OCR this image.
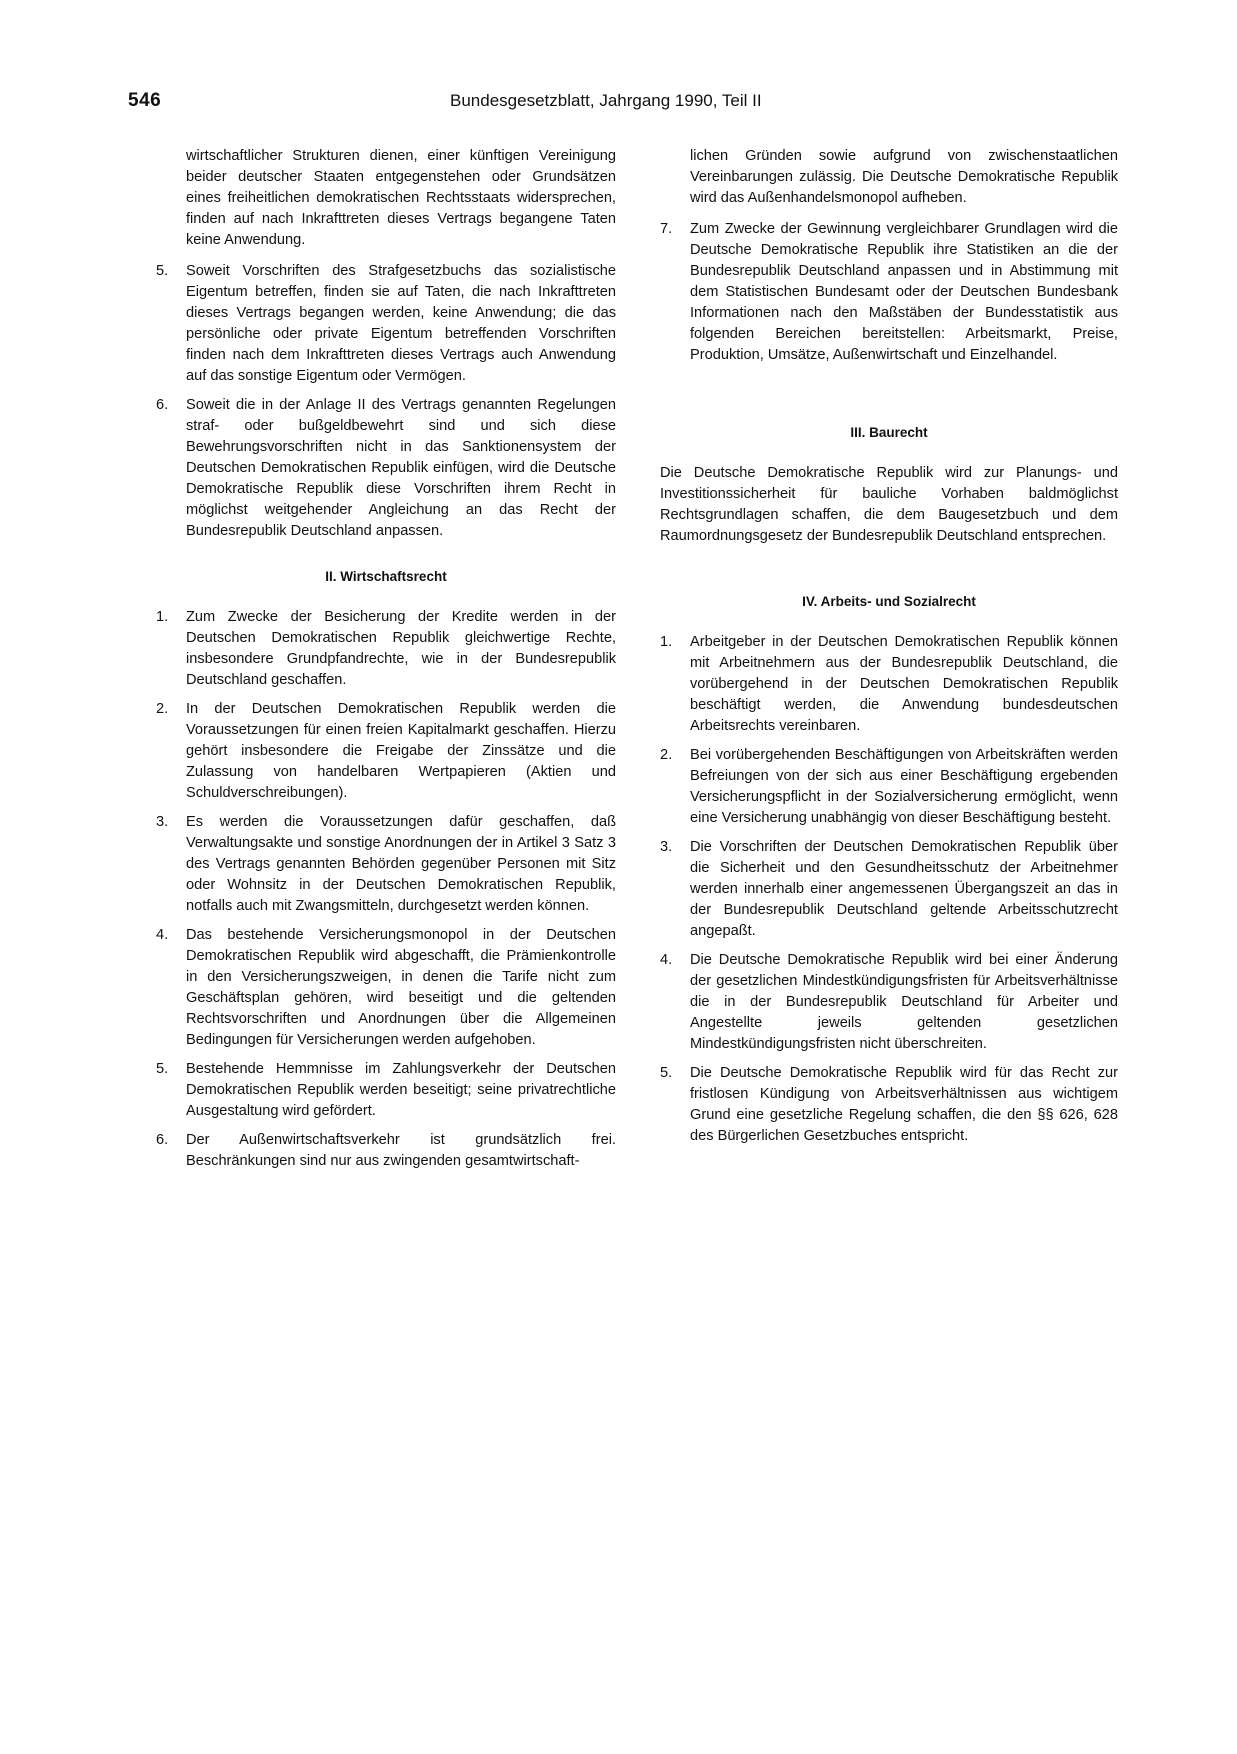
546	Bundesgesetzblatt, Jahrgang 1990, Teil II

wirtschaftlicher Strukturen dienen, einer künftigen Vereinigung beider deutscher Staaten entgegenstehen oder Grundsätzen eines freiheitlichen demokratischen Rechtsstaats widersprechen, finden auf nach Inkrafttreten dieses Vertrags begangene Taten keine Anwendung.

5. Soweit Vorschriften des Strafgesetzbuchs das sozialistische Eigentum betreffen, finden sie auf Taten, die nach Inkrafttreten dieses Vertrags begangen werden, keine Anwendung; die das persönliche oder private Eigentum betreffenden Vorschriften finden nach dem Inkrafttreten dieses Vertrags auch Anwendung auf das sonstige Eigentum oder Vermögen.
6. Soweit die in der Anlage II des Vertrags genannten Regelungen straf- oder bußgeldbewehrt sind und sich diese Bewehrungsvorschriften nicht in das Sanktionensystem der Deutschen Demokratischen Republik einfügen, wird die Deutsche Demokratische Republik diese Vorschriften ihrem Recht in möglichst weitgehender Angleichung an das Recht der Bundesrepublik Deutschland anpassen.
II. Wirtschaftsrecht
1. Zum Zwecke der Besicherung der Kredite werden in der Deutschen Demokratischen Republik gleichwertige Rechte, insbesondere Grundpfandrechte, wie in der Bundesrepublik Deutschland geschaffen.
2. In der Deutschen Demokratischen Republik werden die Voraussetzungen für einen freien Kapitalmarkt geschaffen. Hierzu gehört insbesondere die Freigabe der Zinssätze und die Zulassung von handelbaren Wertpapieren (Aktien und Schuldverschreibungen).
3. Es werden die Voraussetzungen dafür geschaffen, daß Verwaltungsakte und sonstige Anordnungen der in Artikel 3 Satz 3 des Vertrags genannten Behörden gegenüber Personen mit Sitz oder Wohnsitz in der Deutschen Demokratischen Republik, notfalls auch mit Zwangsmitteln, durchgesetzt werden können.
4. Das bestehende Versicherungsmonopol in der Deutschen Demokratischen Republik wird abgeschafft, die Prämienkontrolle in den Versicherungszweigen, in denen die Tarife nicht zum Geschäftsplan gehören, wird beseitigt und die geltenden Rechtsvorschriften und Anordnungen über die Allgemeinen Bedingungen für Versicherungen werden aufgehoben.
5. Bestehende Hemmnisse im Zahlungsverkehr der Deutschen Demokratischen Republik werden beseitigt; seine privatrechtliche Ausgestaltung wird gefördert.
6. Der Außenwirtschaftsverkehr ist grundsätzlich frei. Beschränkungen sind nur aus zwingenden gesamtwirtschaft-

lichen Gründen sowie aufgrund von zwischenstaatlichen Vereinbarungen zulässig. Die Deutsche Demokratische Republik wird das Außenhandelsmonopol aufheben.

7. Zum Zwecke der Gewinnung vergleichbarer Grundlagen wird die Deutsche Demokratische Republik ihre Statistiken an die der Bundesrepublik Deutschland anpassen und in Abstimmung mit dem Statistischen Bundesamt oder der Deutschen Bundesbank Informationen nach den Maßstäben der Bundesstatistik aus folgenden Bereichen bereitstellen: Arbeitsmarkt, Preise, Produktion, Umsätze, Außenwirtschaft und Einzelhandel.
III. Baurecht

Die Deutsche Demokratische Republik wird zur Planungs- und Investitionssicherheit für bauliche Vorhaben baldmöglichst Rechtsgrundlagen schaffen, die dem Baugesetzbuch und dem Raumordnungsgesetz der Bundesrepublik Deutschland entsprechen.

IV. Arbeits- und Sozialrecht
1. Arbeitgeber in der Deutschen Demokratischen Republik können mit Arbeitnehmern aus der Bundesrepublik Deutschland, die vorübergehend in der Deutschen Demokratischen Republik beschäftigt werden, die Anwendung bundesdeutschen Arbeitsrechts vereinbaren.
2. Bei vorübergehenden Beschäftigungen von Arbeitskräften werden Befreiungen von der sich aus einer Beschäftigung ergebenden Versicherungspflicht in der Sozialversicherung ermöglicht, wenn eine Versicherung unabhängig von dieser Beschäftigung besteht.
3. Die Vorschriften der Deutschen Demokratischen Republik über die Sicherheit und den Gesundheitsschutz der Arbeitnehmer werden innerhalb einer angemessenen Übergangszeit an das in der Bundesrepublik Deutschland geltende Arbeitsschutzrecht angepaßt.
4. Die Deutsche Demokratische Republik wird bei einer Änderung der gesetzlichen Mindestkündigungsfristen für Arbeitsverhältnisse die in der Bundesrepublik Deutschland für Arbeiter und Angestellte jeweils geltenden gesetzlichen Mindestkündigungsfristen nicht überschreiten.
5. Die Deutsche Demokratische Republik wird für das Recht zur fristlosen Kündigung von Arbeitsverhältnissen aus wichtigem Grund eine gesetzliche Regelung schaffen, die den §§ 626, 628 des Bürgerlichen Gesetzbuches entspricht.
